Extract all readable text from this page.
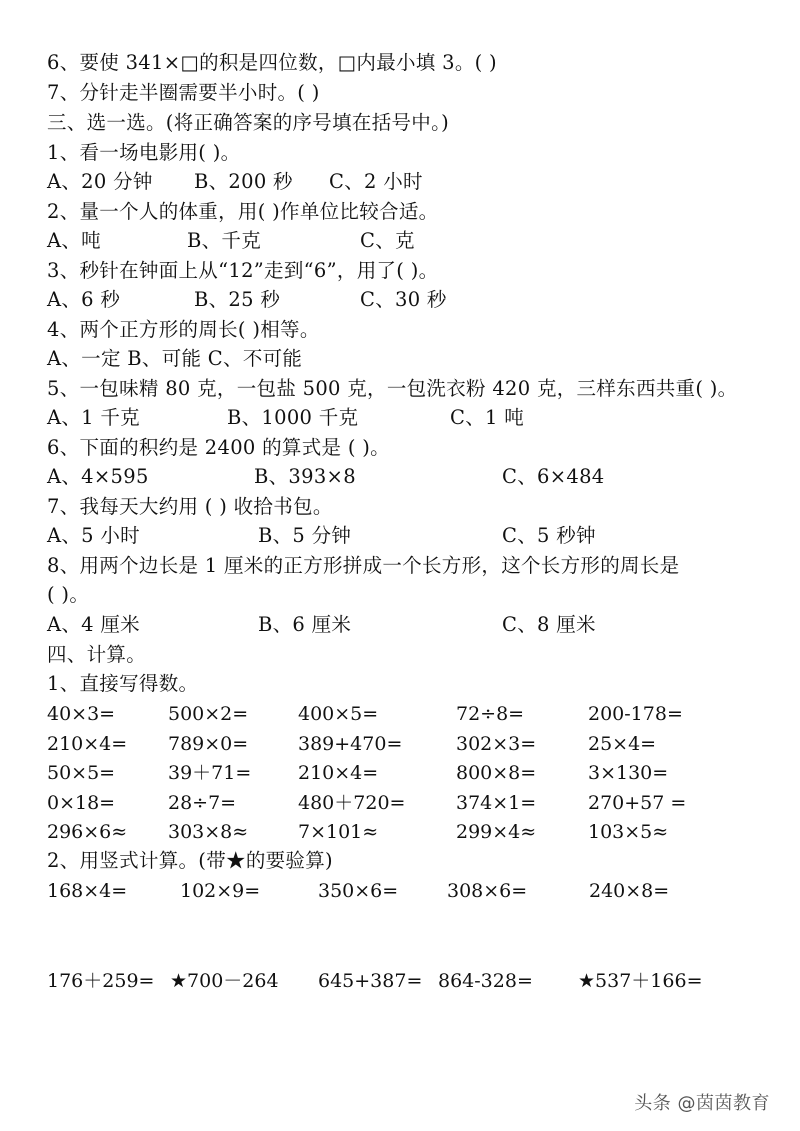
6、要使 341×□的积是四位数，□内最小填 3。( )
7、分针走半圈需要半小时。( )
三、选一选。(将正确答案的序号填在括号中。)
1、看一场电影用( )。
A、20 分钟 B、200 秒 C、2 小时
2、量一个人的体重，用( )作单位比较合适。
A、吨	B、千克	C、克
3、秒针在钟面上从“12”走到“6”，用了( )。
A、6 秒	B、25 秒	C、30 秒
4、两个正方形的周长( )相等。
A、一定 B、可能 C、不可能
5、一包味精 80 克，一包盐 500 克，一包洗衣粉 420 克，三样东西共重( )。
A、1 千克	B、1000 千克	C、1 吨
6、下面的积约是 2400 的算式是 ( )。
A、4×595	B、393×8	C、6×484
7、我每天大约用 ( ) 收拾书包。
A、5 小时	B、5 分钟	C、5 秒钟
8、用两个边长是 1 厘米的正方形拼成一个长方形，这个长方形的周长是
( )。
A、4 厘米	B、6 厘米	C、8 厘米
四、计算。
1、直接写得数。
40×3=	500×2=	400×5=	72÷8=	200-178=
210×4= 789×0=	389+470=	302×3=	25×4=
50×5=	39＋71= 210×4=	800×8=	3×130=
0×18=	28÷7=	480＋720=	374×1=	270+57 =
296×6≈ 303×8≈	7×101≈	299×4≈	103×5≈
2、用竖式计算。(带★的要验算)
168×4=	102×9=	350×6=	308×6=	240×8=
176＋259= ★700－264 645+387= 864-328= ★537＋166=
头条 @茵茵教育
